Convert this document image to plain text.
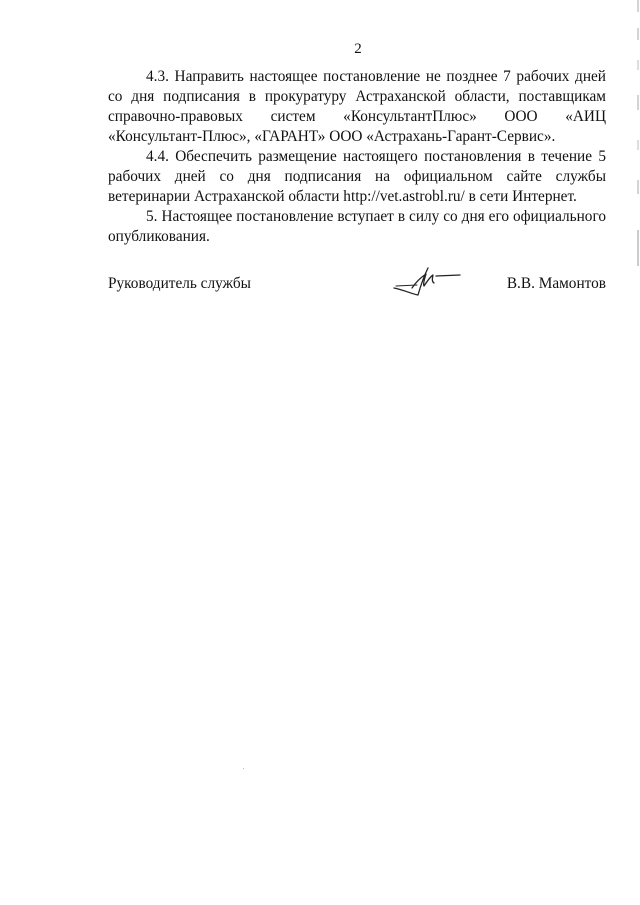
2

4.3. Направить настоящее постановление не позднее 7 рабочих дней со дня подписания в прокуратуру Астраханской области, поставщикам справочно-правовых систем «КонсультантПлюс» ООО «АИЦ «Консультант-Плюс», «ГАРАНТ» ООО «Астрахань-Гарант-Сервис».

4.4. Обеспечить размещение настоящего постановления в течение 5 рабочих дней со дня подписания на официальном сайте службы ветеринарии Астраханской области http://vet.astrobl.ru/ в сети Интернет.

5. Настоящее постановление вступает в силу со дня его официального опубликования.

Руководитель службы	В.В. Мамонтов
